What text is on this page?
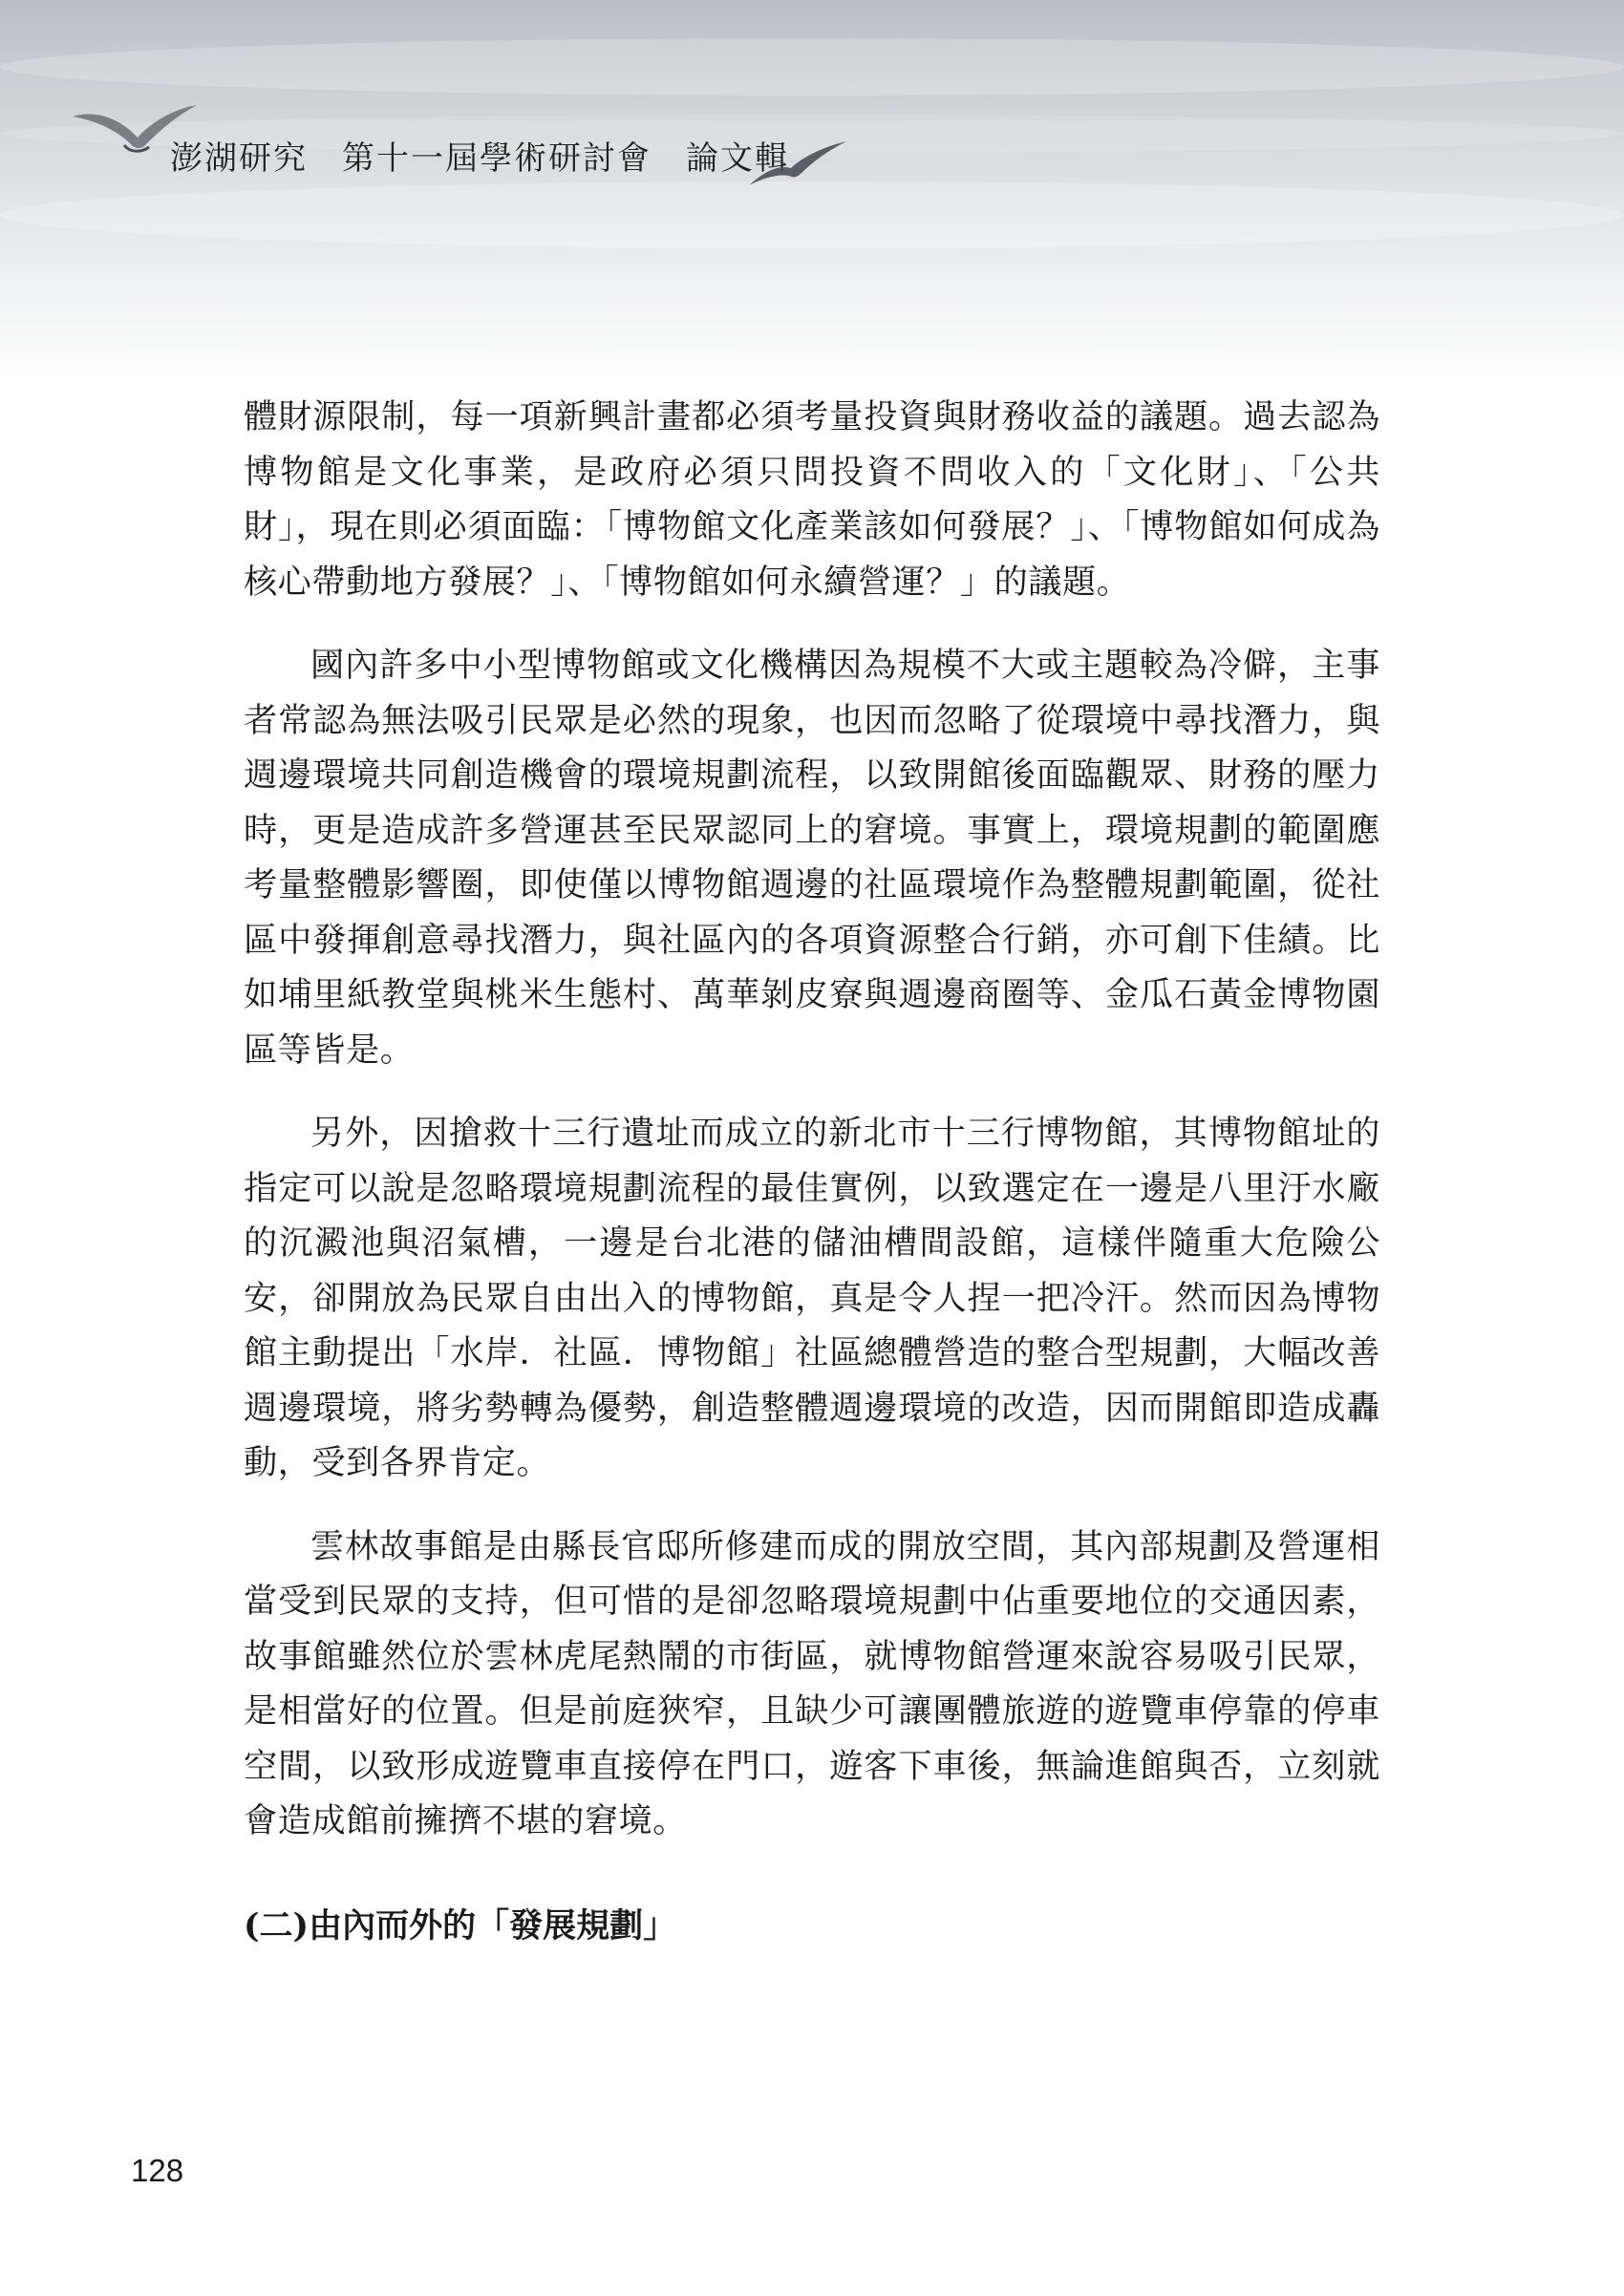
澎湖研究　第十一屆學術研討會　論文輯

體財源限制，每一項新興計畫都必須考量投資與財務收益的議題。過去認為博物館是文化事業，是政府必須只問投資不問收入的「文化財」、「公共財」，現在則必須面臨：「博物館文化產業該如何發展？」、「博物館如何成為核心帶動地方發展？」、「博物館如何永續營運？」的議題。

國內許多中小型博物館或文化機構因為規模不大或主題較為冷僻，主事者常認為無法吸引民眾是必然的現象，也因而忽略了從環境中尋找潛力，與週邊環境共同創造機會的環境規劃流程，以致開館後面臨觀眾、財務的壓力時，更是造成許多營運甚至民眾認同上的窘境。事實上，環境規劃的範圍應考量整體影響圈，即使僅以博物館週邊的社區環境作為整體規劃範圍，從社區中發揮創意尋找潛力，與社區內的各項資源整合行銷，亦可創下佳績。比如埔里紙教堂與桃米生態村、萬華剝皮寮與週邊商圈等、金瓜石黃金博物園區等皆是。

另外，因搶救十三行遺址而成立的新北市十三行博物館，其博物館址的指定可以說是忽略環境規劃流程的最佳實例，以致選定在一邊是八里汙水廠的沉澱池與沼氣槽，一邊是台北港的儲油槽間設館，這樣伴隨重大危險公安，卻開放為民眾自由出入的博物館，真是令人捏一把冷汗。然而因為博物館主動提出「水岸．社區．博物館」社區總體營造的整合型規劃，大幅改善週邊環境，將劣勢轉為優勢，創造整體週邊環境的改造，因而開館即造成轟動，受到各界肯定。

雲林故事館是由縣長官邸所修建而成的開放空間，其內部規劃及營運相當受到民眾的支持，但可惜的是卻忽略環境規劃中佔重要地位的交通因素，故事館雖然位於雲林虎尾熱鬧的市街區，就博物館營運來說容易吸引民眾，是相當好的位置。但是前庭狹窄，且缺少可讓團體旅遊的遊覽車停靠的停車空間，以致形成遊覽車直接停在門口，遊客下車後，無論進館與否，立刻就會造成館前擁擠不堪的窘境。

(二)由內而外的「發展規劃」
128
